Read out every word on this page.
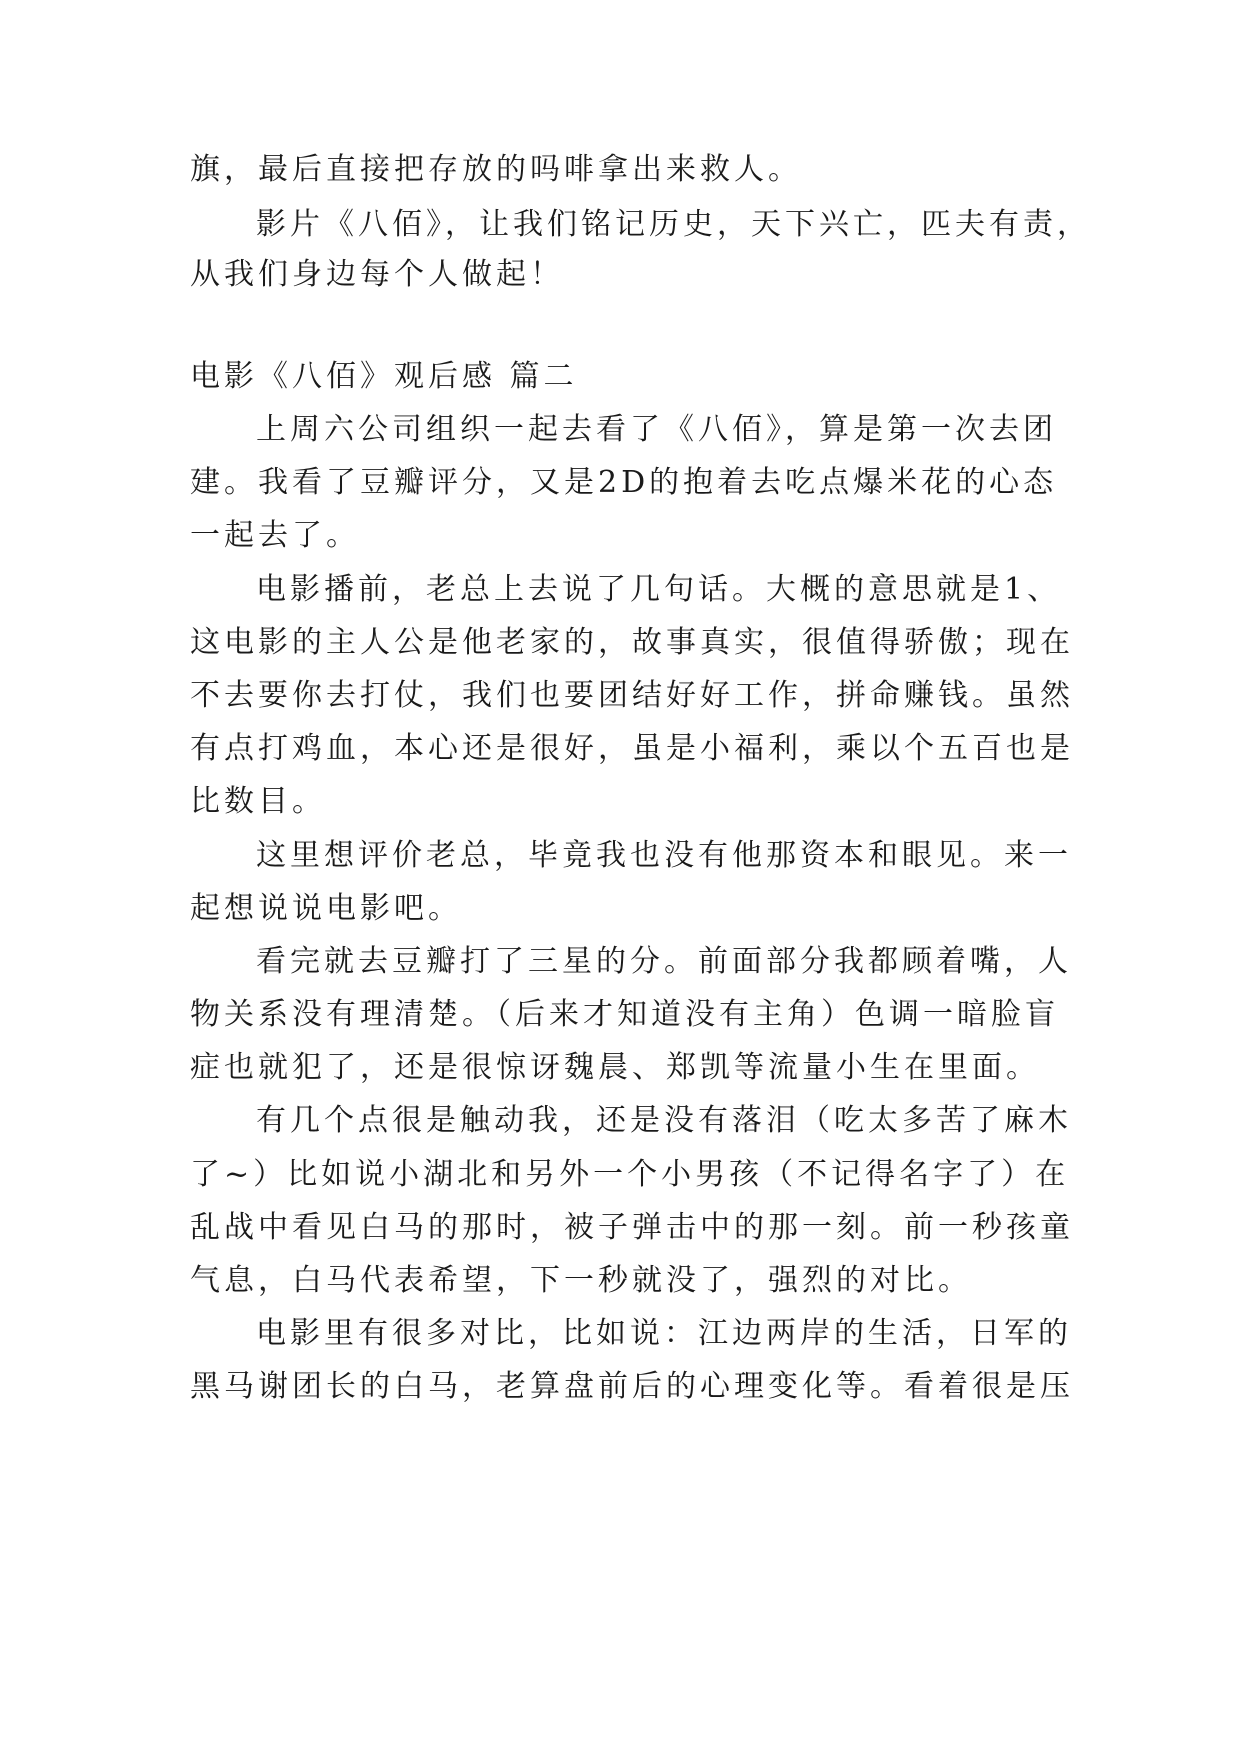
旗，最后直接把存放的吗啡拿出来救人。
影片《八佰》，让我们铭记历史，天下兴亡，匹夫有责，
从我们身边每个人做起！
电影《八佰》观后感 篇二
上周六公司组织一起去看了《八佰》，算是第一次去团
建。我看了豆瓣评分，又是2D的抱着去吃点爆米花的心态
一起去了。
电影播前，老总上去说了几句话。大概的意思就是1、
这电影的主人公是他老家的，故事真实，很值得骄傲；现在
不去要你去打仗，我们也要团结好好工作，拼命赚钱。虽然
有点打鸡血，本心还是很好，虽是小福利，乘以个五百也是
比数目。
这里想评价老总，毕竟我也没有他那资本和眼见。来一
起想说说电影吧。
看完就去豆瓣打了三星的分。前面部分我都顾着嘴，人
物关系没有理清楚。（后来才知道没有主角）色调一暗脸盲
症也就犯了，还是很惊讶魏晨、郑凯等流量小生在里面。
有几个点很是触动我，还是没有落泪（吃太多苦了麻木
了~）比如说小湖北和另外一个小男孩（不记得名字了）在
乱战中看见白马的那时，被子弹击中的那一刻。前一秒孩童
气息，白马代表希望，下一秒就没了，强烈的对比。
电影里有很多对比，比如说：江边两岸的生活，日军的
黑马谢团长的白马，老算盘前后的心理变化等。看着很是压
